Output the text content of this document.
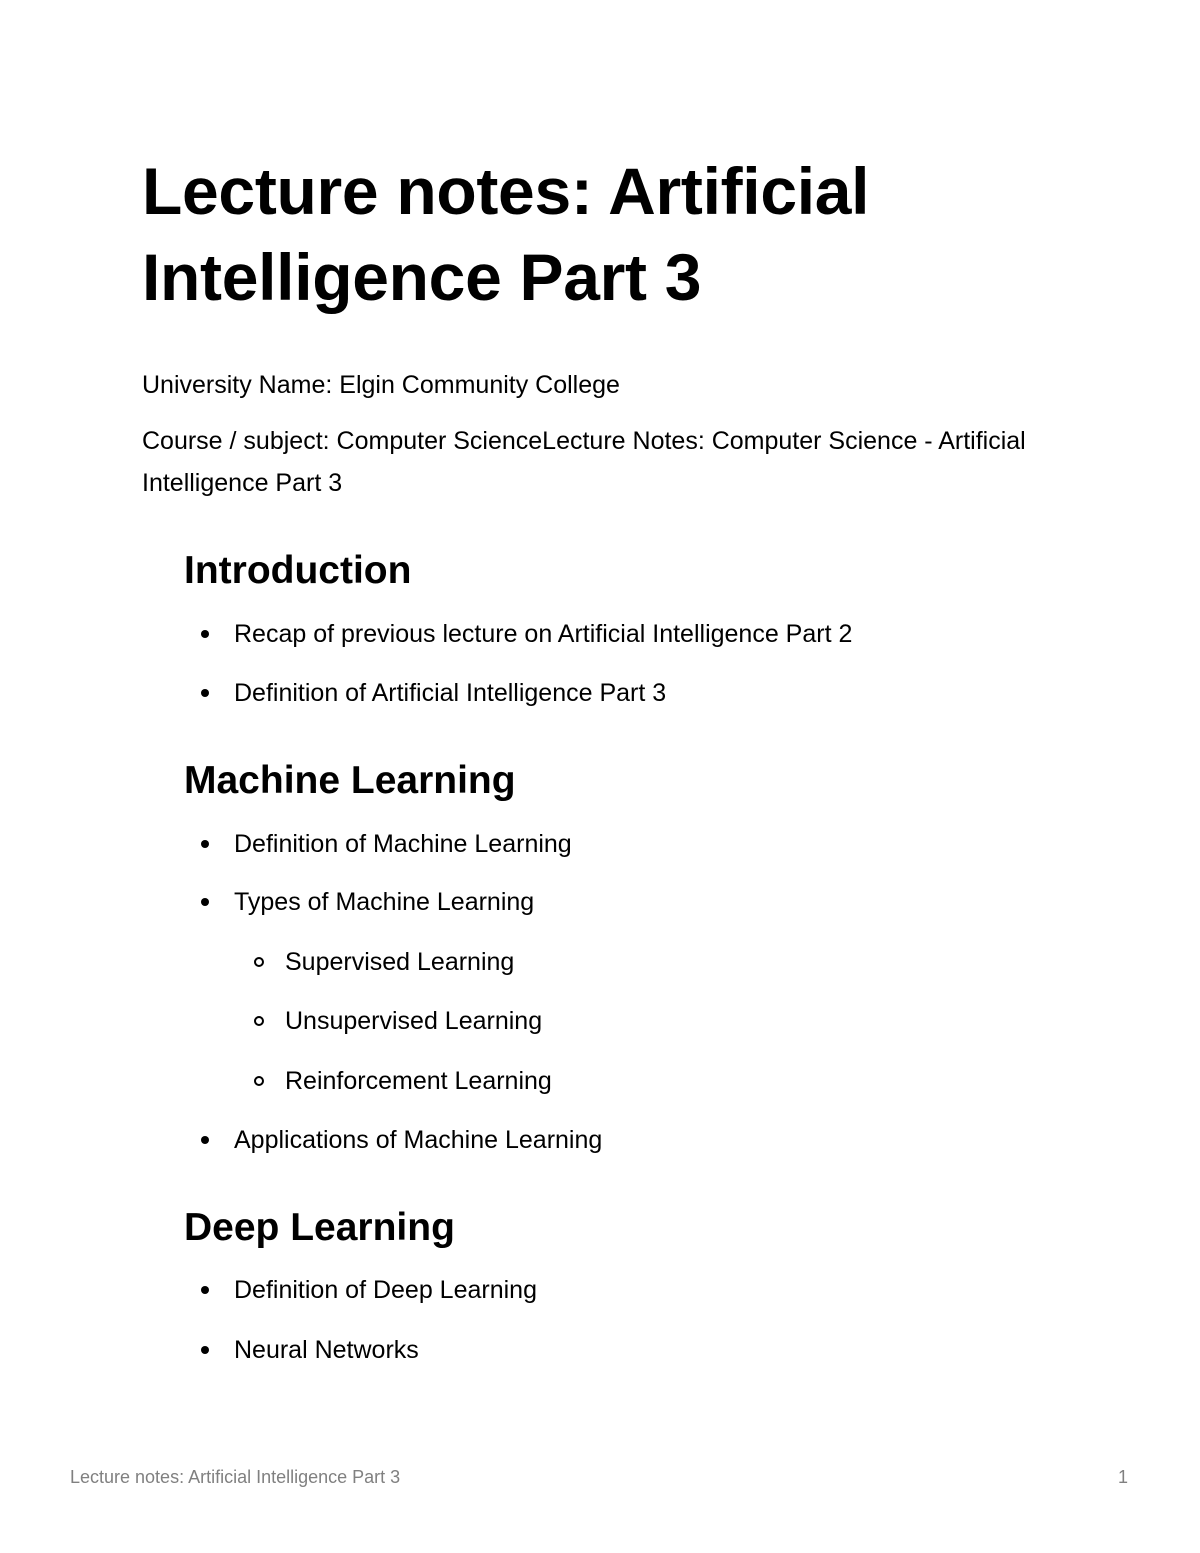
Lecture notes: Artificial Intelligence Part 3

University Name: Elgin Community College

Course / subject: Computer ScienceLecture Notes: Computer Science - Artificial Intelligence Part 3

Introduction
Recap of previous lecture on Artificial Intelligence Part 2
Definition of Artificial Intelligence Part 3
Machine Learning
Definition of Machine Learning
Types of Machine Learning
Supervised Learning
Unsupervised Learning
Reinforcement Learning
Applications of Machine Learning
Deep Learning
Definition of Deep Learning
Neural Networks
Lecture notes: Artificial Intelligence Part 3	1
